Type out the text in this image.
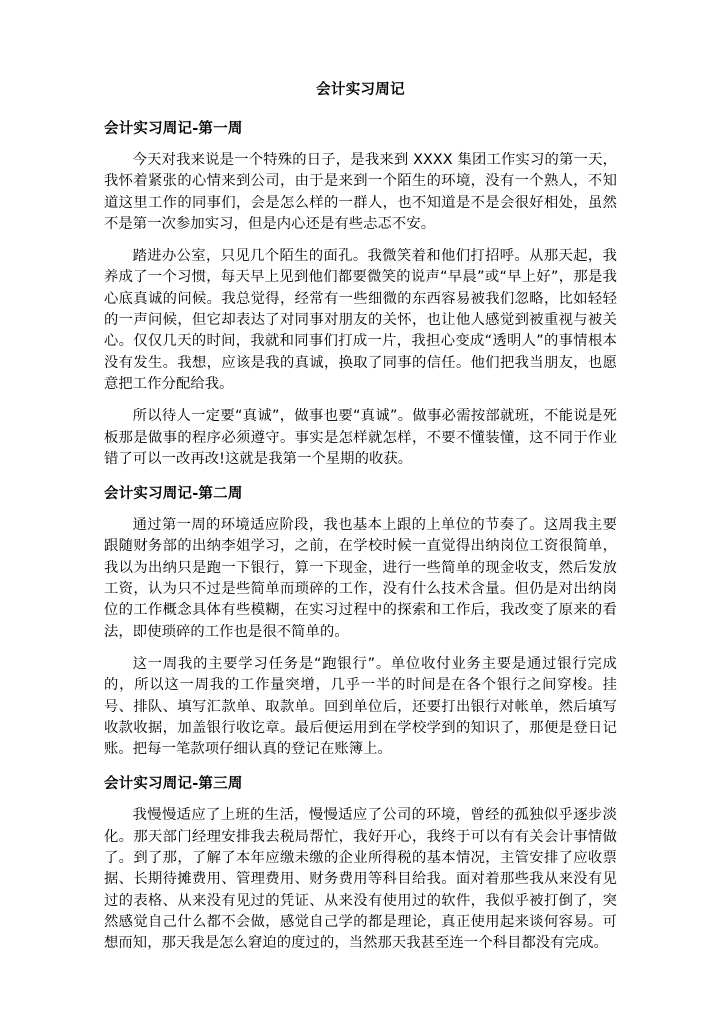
会计实习周记
会计实习周记-第一周

今天对我来说是一个特殊的日子，是我来到 XXXX 集团工作实习的第一天，我怀着紧张的心情来到公司，由于是来到一个陌生的环境，没有一个熟人，不知道这里工作的同事们，会是怎么样的一群人，也不知道是不是会很好相处，虽然不是第一次参加实习，但是内心还是有些忐忑不安。

踏进办公室，只见几个陌生的面孔。我微笑着和他们打招呼。从那天起，我养成了一个习惯，每天早上见到他们都要微笑的说声“早晨”或“早上好”，那是我心底真诚的问候。我总觉得，经常有一些细微的东西容易被我们忽略，比如轻轻的一声问候，但它却表达了对同事对朋友的关怀，也让他人感觉到被重视与被关心。仅仅几天的时间，我就和同事们打成一片，我担心变成“透明人”的事情根本没有发生。我想，应该是我的真诚，换取了同事的信任。他们把我当朋友，也愿意把工作分配给我。

所以待人一定要“真诚”，做事也要“真诚”。做事必需按部就班，不能说是死板那是做事的程序必须遵守。事实是怎样就怎样，不要不懂装懂，这不同于作业错了可以一改再改!这就是我第一个星期的收获。

会计实习周记-第二周

通过第一周的环境适应阶段，我也基本上跟的上单位的节奏了。这周我主要跟随财务部的出纳李姐学习，之前，在学校时候一直觉得出纳岗位工资很简单，我以为出纳只是跑一下银行，算一下现金，进行一些简单的现金收支，然后发放工资，认为只不过是些简单而琐碎的工作，没有什么技术含量。但仍是对出纳岗位的工作概念具体有些模糊，在实习过程中的探索和工作后，我改变了原来的看法，即使琐碎的工作也是很不简单的。

这一周我的主要学习任务是“跑银行”。单位收付业务主要是通过银行完成的，所以这一周我的工作量突增，几乎一半的时间是在各个银行之间穿梭。挂号、排队、填写汇款单、取款单。回到单位后，还要打出银行对帐单，然后填写收款收据，加盖银行收讫章。最后便运用到在学校学到的知识了，那便是登日记账。把每一笔款项仔细认真的登记在账簿上。

会计实习周记-第三周

我慢慢适应了上班的生活，慢慢适应了公司的环境，曾经的孤独似乎逐步淡化。那天部门经理安排我去税局帮忙，我好开心，我终于可以有有关会计事情做了。到了那，了解了本年应缴未缴的企业所得税的基本情况，主管安排了应收票据、长期待摊费用、管理费用、财务费用等科目给我。面对着那些我从来没有见过的表格、从来没有见过的凭证、从来没有使用过的软件，我似乎被打倒了，突然感觉自己什么都不会做，感觉自己学的都是理论，真正使用起来谈何容易。可想而知，那天我是怎么窘迫的度过的，当然那天我甚至连一个科目都没有完成。
